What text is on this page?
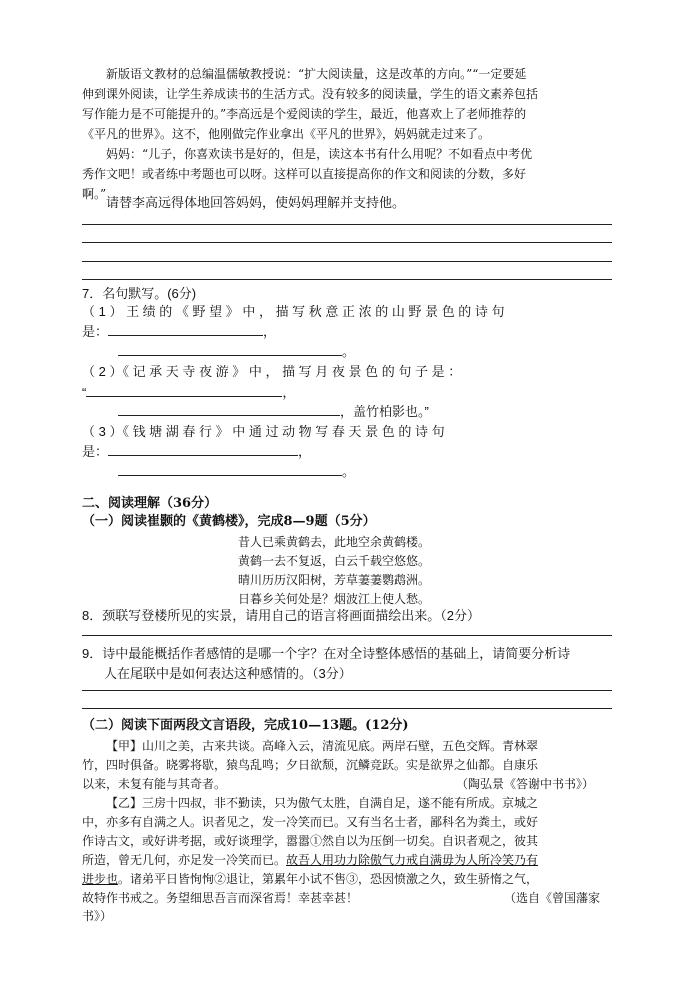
新版语文教材的总编温儒敏教授说：“扩大阅读量，这是改革的方向。”“一定要延
伸到课外阅读，让学生养成读书的生活方式。没有较多的阅读量，学生的语文素养包括
写作能力是不可能提升的。”李高远是个爱阅读的学生，最近，他喜欢上了老师推荐的
《平凡的世界》。这不，他刚做完作业拿出《平凡的世界》，妈妈就走过来了。
妈妈：“儿子，你喜欢读书是好的，但是，读这本书有什么用呢？不如看点中考优
秀作文吧！或者练中考题也可以呀。这样可以直接提高你的作文和阅读的分数，多好
啊。”
请替李高远得体地回答妈妈，使妈妈理解并支持他。
7．名句默写。(6分)
（ 1 ） 王 绩 的 《 野 望 》 中 ， 描 写 秋 意 正 浓 的 山 野 景 色 的 诗 句
是：	，
。
（ 2 ）《 记 承 天 寺 夜 游 》 中 ， 描 写 月 夜 景 色 的 句 子 是 ：
“	，
，盖竹柏影也。”
（ 3 ）《 钱 塘 湖 春 行 》 中 通 过 动 物 写 春 天 景 色 的 诗 句
是：	，
。
二、阅读理解（36分）
（一）阅读崔颢的《黄鹤楼》，完成8—9题（5分）
昔人已乘黄鹤去，此地空余黄鹤楼。
黄鹤一去不复返，白云千载空悠悠。
晴川历历汉阳树，芳草萋萋鹦鹉洲。
日暮乡关何处是？烟波江上使人愁。
8．颈联写登楼所见的实景，请用自己的语言将画面描绘出来。（2分）
9．诗中最能概括作者感情的是哪一个字？在对全诗整体感悟的基础上，请简要分析诗
人在尾联中是如何表达这种感情的。（3分）
（二）阅读下面两段文言语段，完成10—13题。(12分)
【甲】山川之美，古来共谈。高峰入云，清流见底。两岸石壁，五色交辉。青林翠
竹，四时俱备。晓雾将歇，猿鸟乱鸣；夕日欲颓，沉鳞竞跃。实是欲界之仙都。自康乐
以来，未复有能与其奇者。	（陶弘景《答谢中书书》）
【乙】三房十四叔，非不勤读，只为傲气太胜，自满自足，遂不能有所成。京城之
中，亦多有自满之人。识者见之，发一冷笑而已。又有当名士者，鄙科名为粪土，或好
作诗古文，或好讲考据，或好谈理学，嚣嚣①然自以为压倒一切矣。自识者观之，彼其
所造，曾无几何，亦足发一冷笑而已。故吾人用功力除傲气力戒自满毋为人所冷笑乃有
进步也。诸弟平日皆恂恂②退让，第累年小试不售③，恐因愤激之久，致生骄惰之气，
故特作书戒之。务望细思吾言而深省焉！幸甚幸甚！	（选自《曾国藩家
书》）
